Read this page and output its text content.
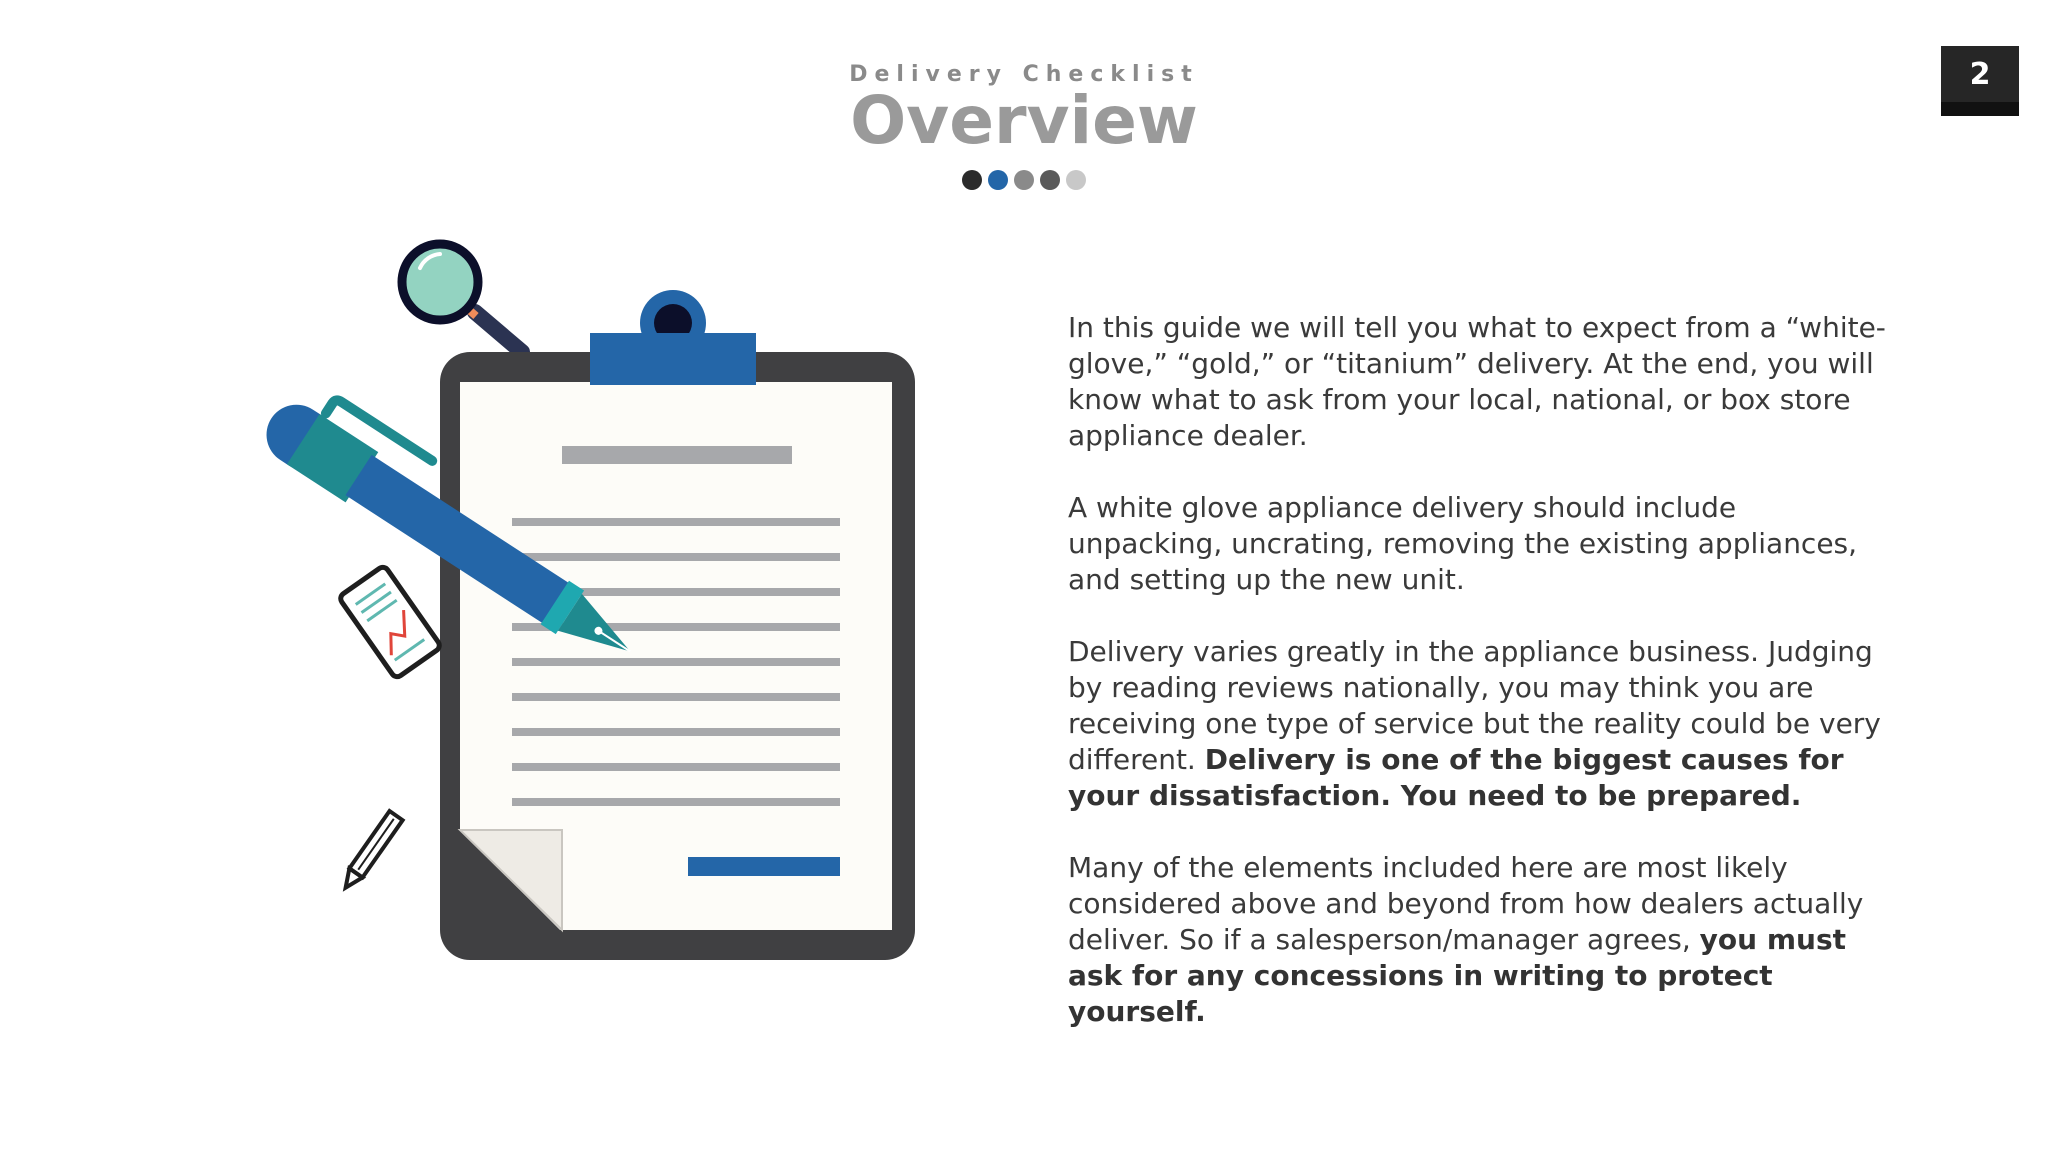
Delivery Checklist
Overview
2

In this guide we will tell you what to expect from a “white-glove,” “gold,” or “titanium” delivery. At the end, you will know what to ask from your local, national, or box store appliance dealer.

A white glove appliance delivery should include unpacking, uncrating, removing the existing appliances, and setting up the new unit.

Delivery varies greatly in the appliance business. Judging by reading reviews nationally, you may think you are receiving one type of service but the reality could be very different. Delivery is one of the biggest causes for your dissatisfaction. You need to be prepared.

Many of the elements included here are most likely considered above and beyond from how dealers actually deliver. So if a salesperson/manager agrees, you must ask for any concessions in writing to protect yourself.
